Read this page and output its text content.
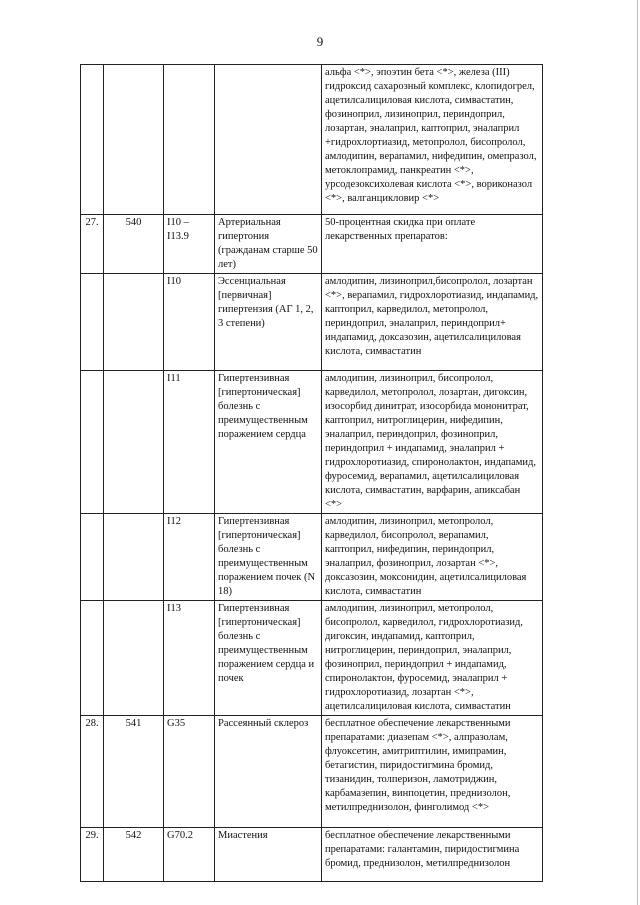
9
				альфа <*>, эпоэтин бета <*>, железа (III) гидроксид сахарозный комплекс, клопидогрел, ацетилсалициловая кислота, симвастатин, фозиноприл, лизиноприл, периндоприл, лозартан, эналаприл, каптоприл, эналаприл +гидрохлортиазид, метопролол, бисопролол, амлодипин, верапамил, нифедипин, омепразол, метоклопрамид, панкреатин <*>, урсодезоксихолевая кислота <*>, вориконазол <*>, валганцикловир <*>
27.	540	I10 – I13.9	Артериальная гипертония (гражданам старше 50 лет)	50-процентная скидка при оплате лекарственных препаратов:
		I10	Эссенциальная [первичная] гипертензия (АГ 1, 2, 3 степени)	амлодипин, лизиноприл,бисопролол, лозартан <*>, верапамил, гидрохлоротиазид, индапамид, каптоприл, карведилол, метопролол, периндоприл, эналаприл, периндоприл+ индапамид, доксазозин, ацетилсалициловая кислота, симвастатин
		I11	Гипертензивная [гипертоническая] болезнь с преимущественным поражением сердца	амлодипин, лизиноприл, бисопролол, карведилол, метопролол, лозартан, дигоксин, изосорбид динитрат, изосорбида мононитрат, каптоприл, нитроглицерин, нифедипин, эналаприл, периндоприл, фозиноприл, периндоприл + индапамид, эналаприл + гидрохлоротиазид, спиронолактон, индапамид, фуросемид, верапамил, ацетилсалициловая кислота, симвастатин, варфарин, апиксабан <*>
		I12	Гипертензивная [гипертоническая] болезнь с преимущественным поражением почек (N 18)	амлодипин, лизиноприл, метопролол, карведилол, бисопролол, верапамил, каптоприл, нифедипин, периндоприл, эналаприл, фозиноприл, лозартан <*>, доксазозин, моксонидин, ацетилсалициловая кислота, симвастатин
		I13	Гипертензивная [гипертоническая] болезнь с преимущественным поражением сердца и почек	амлодипин, лизиноприл, метопролол, бисопролол, карведилол, гидрохлоротиазид, дигоксин, индапамид, каптоприл, нитроглицерин, периндоприл, эналаприл, фозиноприл, периндоприл + индапамид, спиронолактон, фуросемид, эналаприл + гидрохлоротиазид, лозартан <*>, ацетилсалициловая кислота, симвастатин
28.	541	G35	Рассеянный склероз	бесплатное обеспечение лекарственными препаратами: диазепам <*>, алпразолам, флуоксетин, амитриптилин, имипрамин, бетагистин, пиридостигмина бромид, тизанидин, толперизон, ламотриджин, карбамазепин, винпоцетин, преднизолон, метилпреднизолон, финголимод <*>
29.	542	G70.2	Миастения	бесплатное обеспечение лекарственными препаратами: галантамин, пиридостигмина бромид, преднизолон, метилпреднизолон
